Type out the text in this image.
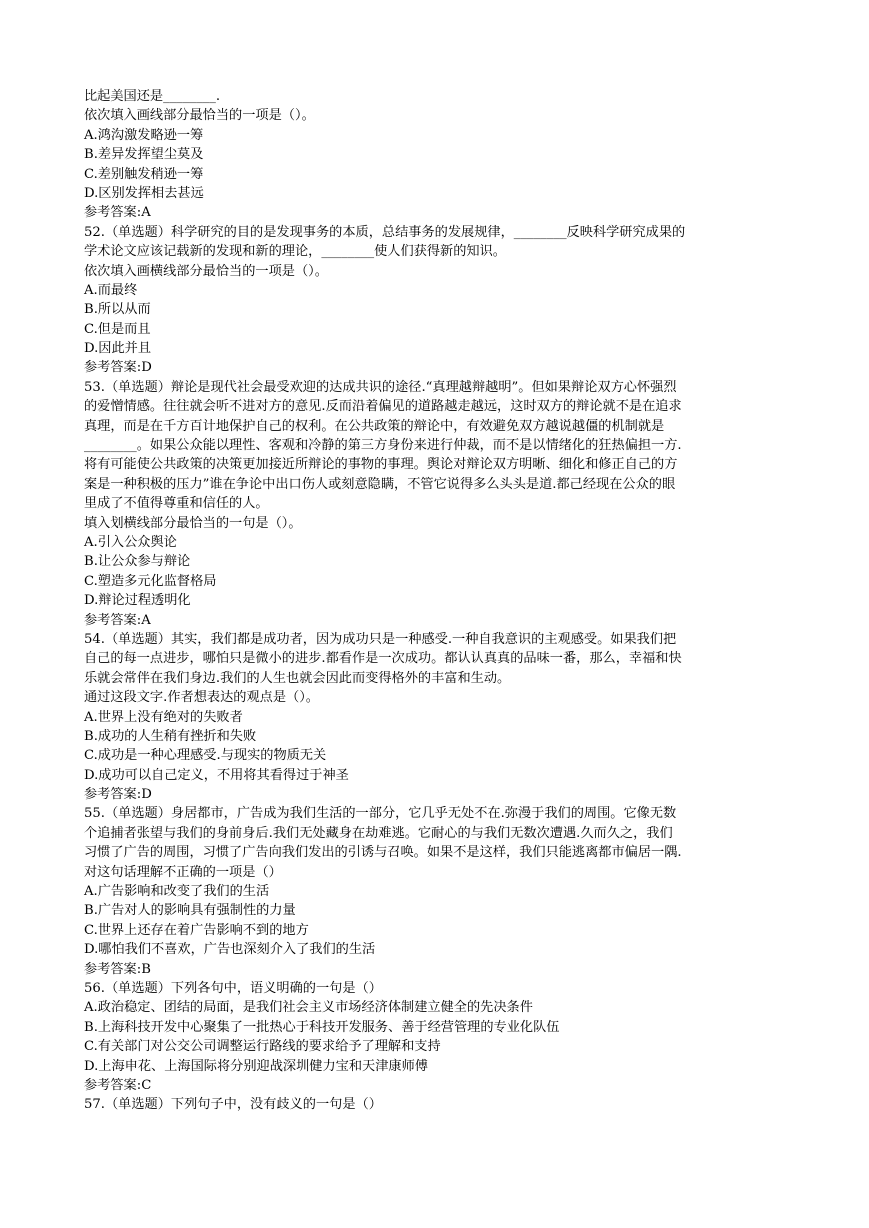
比起美国还是________.
依次填入画线部分最恰当的一项是（）。
A.鸿沟激发略逊一筹
B.差异发挥望尘莫及
C.差别触发稍逊一筹
D.区别发挥相去甚远
参考答案:A
52.（单选题）科学研究的目的是发现事务的本质，总结事务的发展规律，________反映科学研究成果的
学术论文应该记载新的发现和新的理论，________使人们获得新的知识。
依次填入画横线部分最恰当的一项是（）。
A.而最终
B.所以从而
C.但是而且
D.因此并且
参考答案:D
53.（单选题）辩论是现代社会最受欢迎的达成共识的途径.“真理越辩越明”。但如果辩论双方心怀强烈
的爱憎情感。往往就会听不进对方的意见.反而沿着偏见的道路越走越远，这时双方的辩论就不是在追求
真理，而是在千方百计地保护自己的权利。在公共政策的辩论中，有效避免双方越说越僵的机制就是
________。如果公众能以理性、客观和冷静的第三方身份来进行仲裁，而不是以情绪化的狂热偏担一方.
将有可能使公共政策的决策更加接近所辩论的事物的事理。舆论对辩论双方明晰、细化和修正自己的方
案是一种积极的压力”谁在争论中出口伤人或刻意隐瞒，不管它说得多么头头是道.都己经现在公众的眼
里成了不值得尊重和信任的人。
填入划横线部分最恰当的一句是（）。
A.引入公众舆论
B.让公众参与辩论
C.塑造多元化监督格局
D.辩论过程透明化
参考答案:A
54.（单选题）其实，我们都是成功者，因为成功只是一种感受.一种自我意识的主观感受。如果我们把
自己的每一点进步，哪怕只是微小的进步.都看作是一次成功。都认认真真的品味一番，那么，幸福和快
乐就会常伴在我们身边.我们的人生也就会因此而变得格外的丰富和生动。
通过这段文字.作者想表达的观点是（）。
A.世界上没有绝对的失败者
B.成功的人生稍有挫折和失败
C.成功是一种心理感受.与现实的物质无关
D.成功可以自己定义，不用将其看得过于神圣
参考答案:D
55.（单选题）身居都市，广告成为我们生活的一部分，它几乎无处不在.弥漫于我们的周围。它像无数
个追捕者张望与我们的身前身后.我们无处藏身在劫难逃。它耐心的与我们无数次遭遇.久而久之，我们
习惯了广告的周围，习惯了广告向我们发出的引诱与召唤。如果不是这样，我们只能逃离都市偏居一隅.
对这句话理解不正确的一项是（）
A.广告影响和改变了我们的生活
B.广告对人的影响具有强制性的力量
C.世界上还存在着广告影响不到的地方
D.哪怕我们不喜欢，广告也深刻介入了我们的生活
参考答案:B
56.（单选题）下列各句中，语义明确的一句是（）
A.政治稳定、团结的局面，是我们社会主义市场经济体制建立健全的先决条件
B.上海科技开发中心聚集了一批热心于科技开发服务、善于经营管理的专业化队伍
C.有关部门对公交公司调整运行路线的要求给予了理解和支持
D.上海申花、上海国际将分别迎战深圳健力宝和天津康师傅
参考答案:C
57.（单选题）下列句子中，没有歧义的一句是（）
